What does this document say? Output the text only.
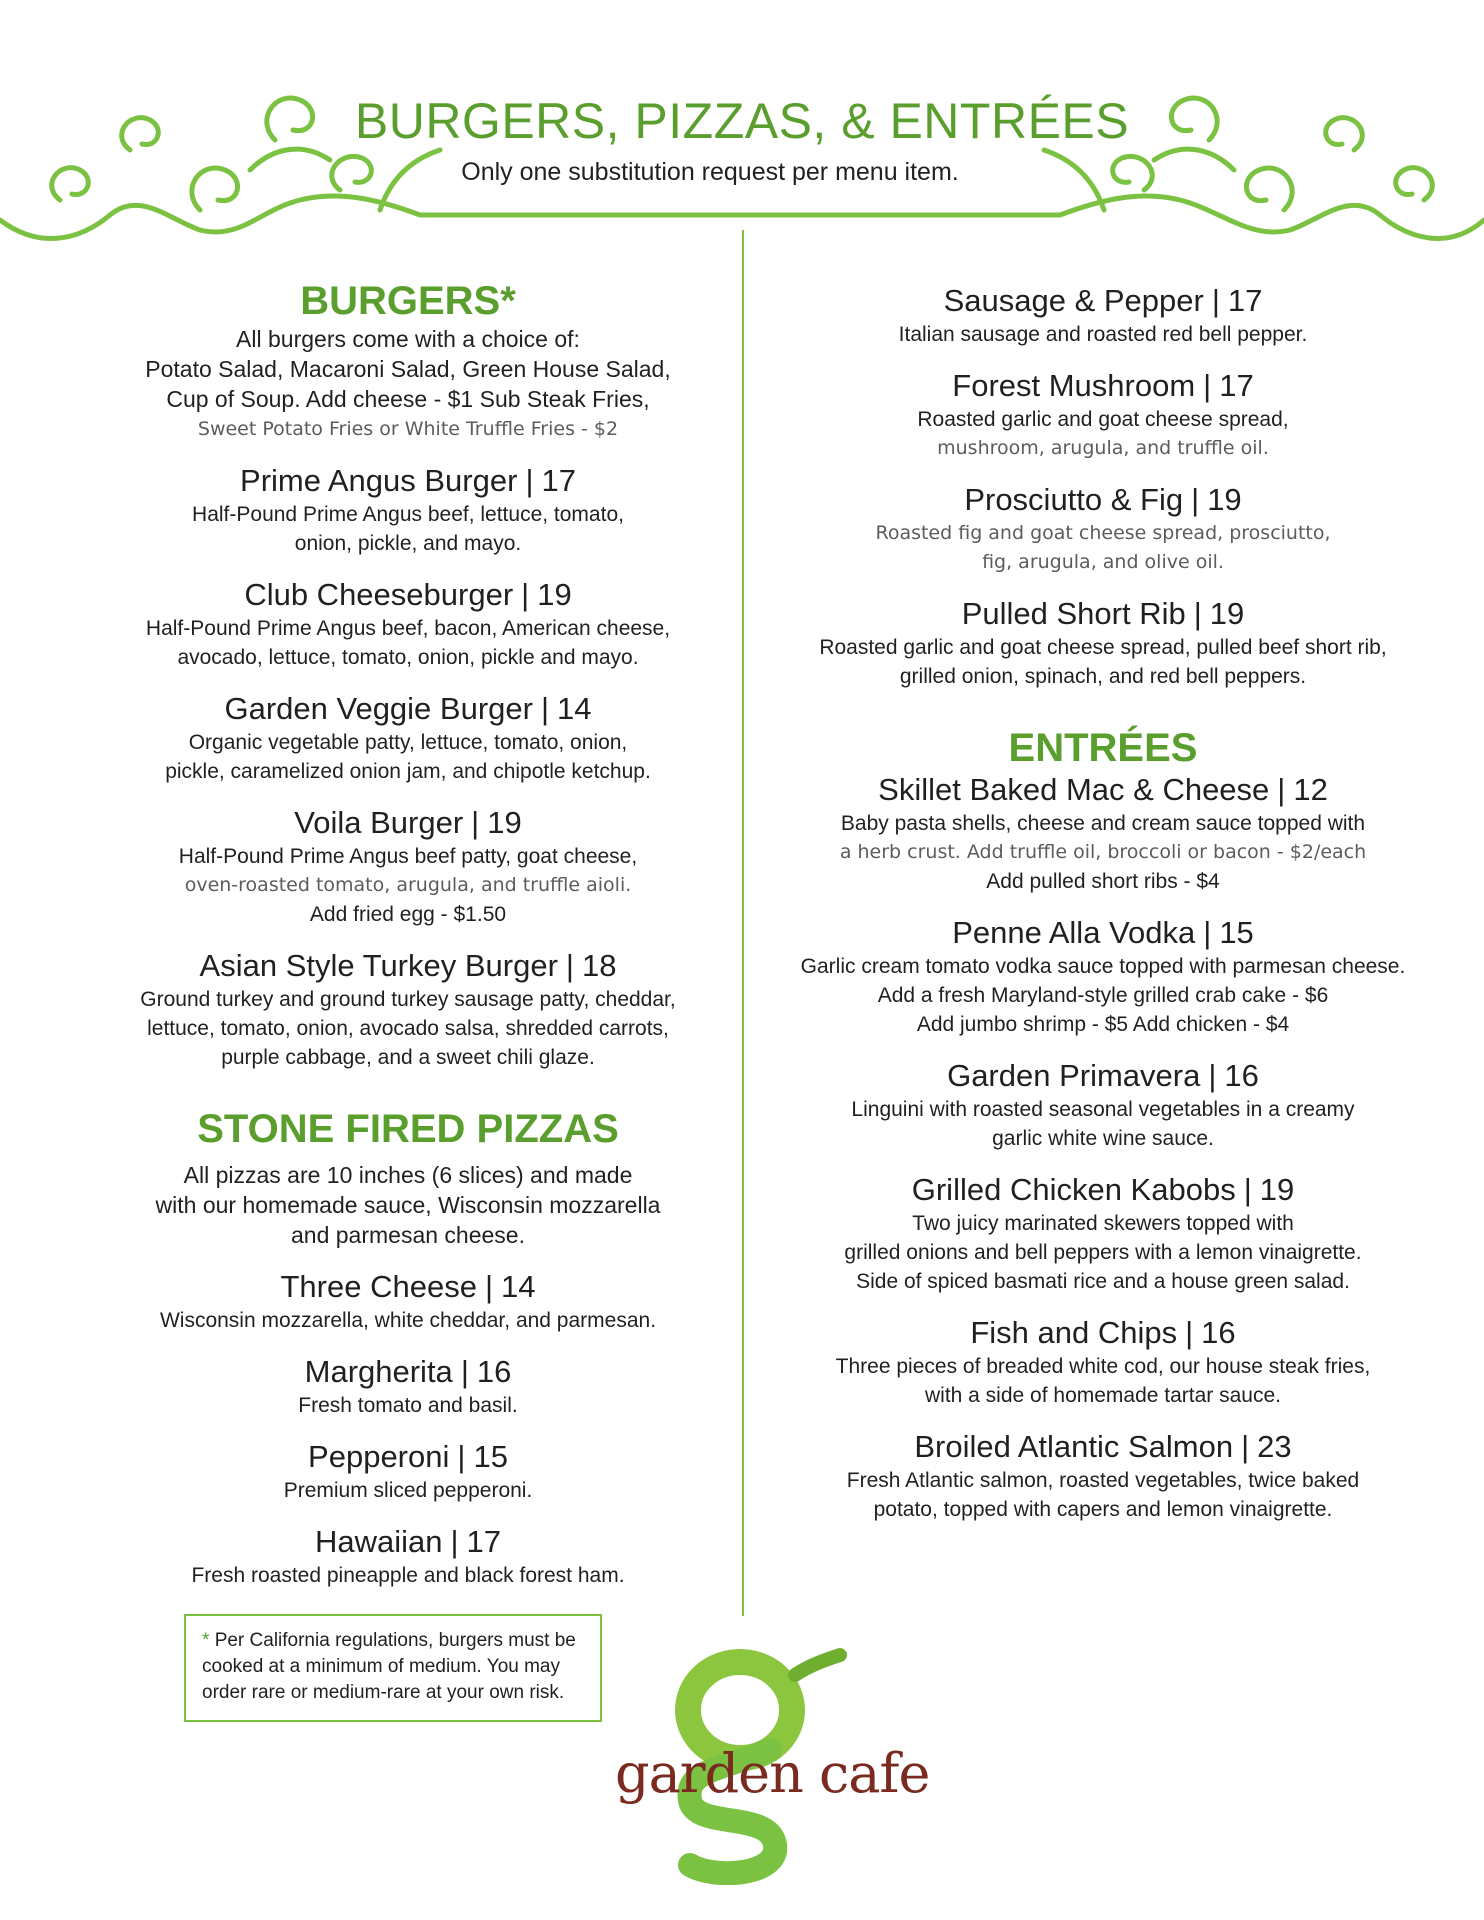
BURGERS, PIZZAS, & ENTRÉES
Only one substitution request per menu item.
BURGERS*

All burgers come with a choice of:
Potato Salad, Macaroni Salad, Green House Salad,
Cup of Soup. Add cheese - $1 Sub Steak Fries,
Sweet Potato Fries or White Truffle Fries - $2

Prime Angus Burger | 17
Half-Pound Prime Angus beef, lettuce, tomato,
onion, pickle, and mayo.
Club Cheeseburger | 19
Half-Pound Prime Angus beef, bacon, American cheese,
avocado, lettuce, tomato, onion, pickle and mayo.
Garden Veggie Burger | 14
Organic vegetable patty, lettuce, tomato, onion,
pickle, caramelized onion jam, and chipotle ketchup.
Voila Burger | 19
Half-Pound Prime Angus beef patty, goat cheese,
oven-roasted tomato, arugula, and truffle aioli.
Add fried egg - $1.50
Asian Style Turkey Burger | 18
Ground turkey and ground turkey sausage patty, cheddar,
lettuce, tomato, onion, avocado salsa, shredded carrots,
purple cabbage, and a sweet chili glaze.
STONE FIRED PIZZAS

All pizzas are 10 inches (6 slices) and made
with our homemade sauce, Wisconsin mozzarella
and parmesan cheese.

Three Cheese | 14
Wisconsin mozzarella, white cheddar, and parmesan.
Margherita | 16
Fresh tomato and basil.
Pepperoni | 15
Premium sliced pepperoni.
Hawaiian | 17
Fresh roasted pineapple and black forest ham.
Sausage & Pepper | 17
Italian sausage and roasted red bell pepper.
Forest Mushroom | 17
Roasted garlic and goat cheese spread,
mushroom, arugula, and truffle oil.
Prosciutto & Fig | 19
Roasted fig and goat cheese spread, prosciutto,
fig, arugula, and olive oil.
Pulled Short Rib | 19
Roasted garlic and goat cheese spread, pulled beef short rib,
grilled onion, spinach, and red bell peppers.
ENTRÉES
Skillet Baked Mac & Cheese | 12
Baby pasta shells, cheese and cream sauce topped with
a herb crust. Add truffle oil, broccoli or bacon - $2/each
Add pulled short ribs - $4
Penne Alla Vodka | 15
Garlic cream tomato vodka sauce topped with parmesan cheese.
Add a fresh Maryland-style grilled crab cake - $6
Add jumbo shrimp - $5 Add chicken - $4
Garden Primavera | 16
Linguini with roasted seasonal vegetables in a creamy
garlic white wine sauce.
Grilled Chicken Kabobs | 19
Two juicy marinated skewers topped with
grilled onions and bell peppers with a lemon vinaigrette.
Side of spiced basmati rice and a house green salad.
Fish and Chips | 16
Three pieces of breaded white cod, our house steak fries,
with a side of homemade tartar sauce.
Broiled Atlantic Salmon | 23
Fresh Atlantic salmon, roasted vegetables, twice baked
potato, topped with capers and lemon vinaigrette.
* Per California regulations, burgers must be
cooked at a minimum of medium. You may
order rare or medium-rare at your own risk.
garden cafe
